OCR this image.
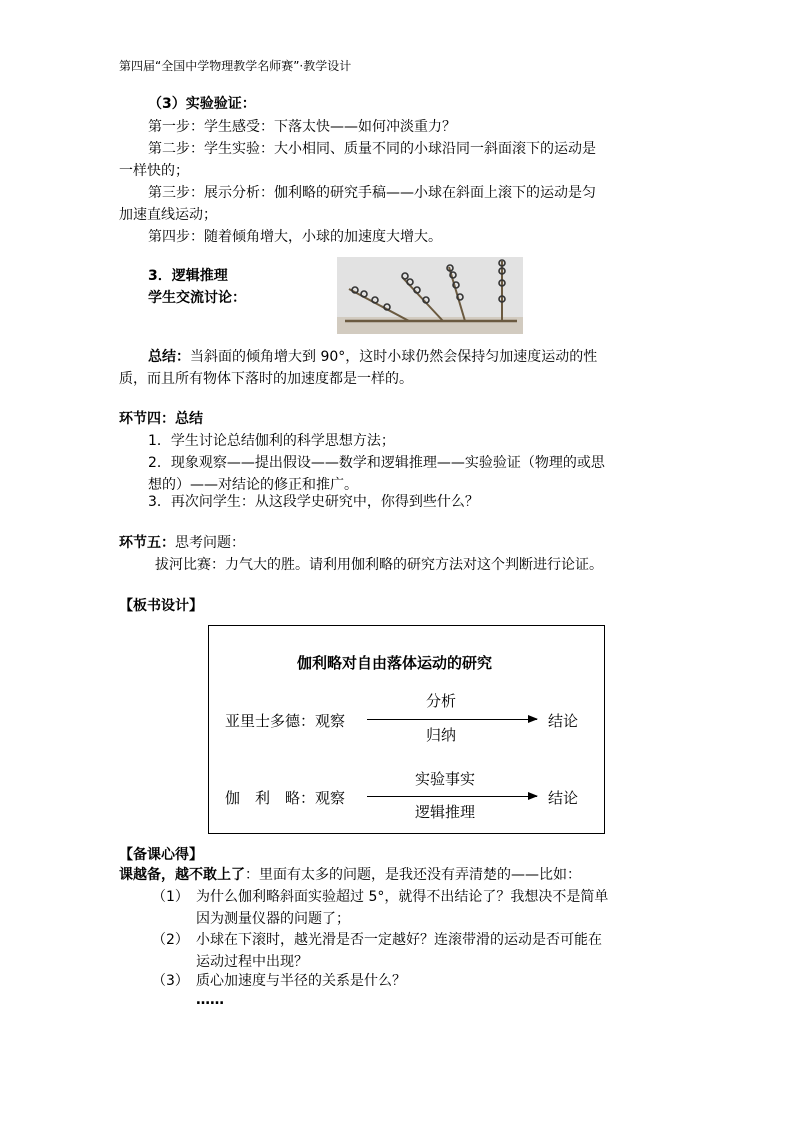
第四届“全国中学物理教学名师赛”·教学设计
（3）实验验证：
第一步：学生感受：下落太快——如何冲淡重力？
第二步：学生实验：大小相同、质量不同的小球沿同一斜面滚下的运动是
一样快的；
第三步：展示分析：伽利略的研究手稿——小球在斜面上滚下的运动是匀
加速直线运动；
第四步：随着倾角增大，小球的加速度大增大。
3．逻辑推理
学生交流讨论：
总结：当斜面的倾角增大到 90°，这时小球仍然会保持匀加速度运动的性
质，而且所有物体下落时的加速度都是一样的。
环节四：总结
1．学生讨论总结伽利的科学思想方法；
2．现象观察——提出假设——数学和逻辑推理——实验验证（物理的或思
想的）——对结论的修正和推广。
3．再次问学生：从这段学史研究中，你得到些什么？
环节五：思考问题：
拔河比赛：力气大的胜。请利用伽利略的研究方法对这个判断进行论证。
【板书设计】
伽利略对自由落体运动的研究
亚里士多德：观察
分析
归纳
结论
伽　利　略：观察
实验事实
逻辑推理
结论
【备课心得】
课越备，越不敢上了：里面有太多的问题，是我还没有弄清楚的——比如：
（1） 为什么伽利略斜面实验超过 5°，就得不出结论了？我想决不是简单
因为测量仪器的问题了；
（2） 小球在下滚时，越光滑是否一定越好？连滚带滑的运动是否可能在
运动过程中出现？
（3） 质心加速度与半径的关系是什么？
……
